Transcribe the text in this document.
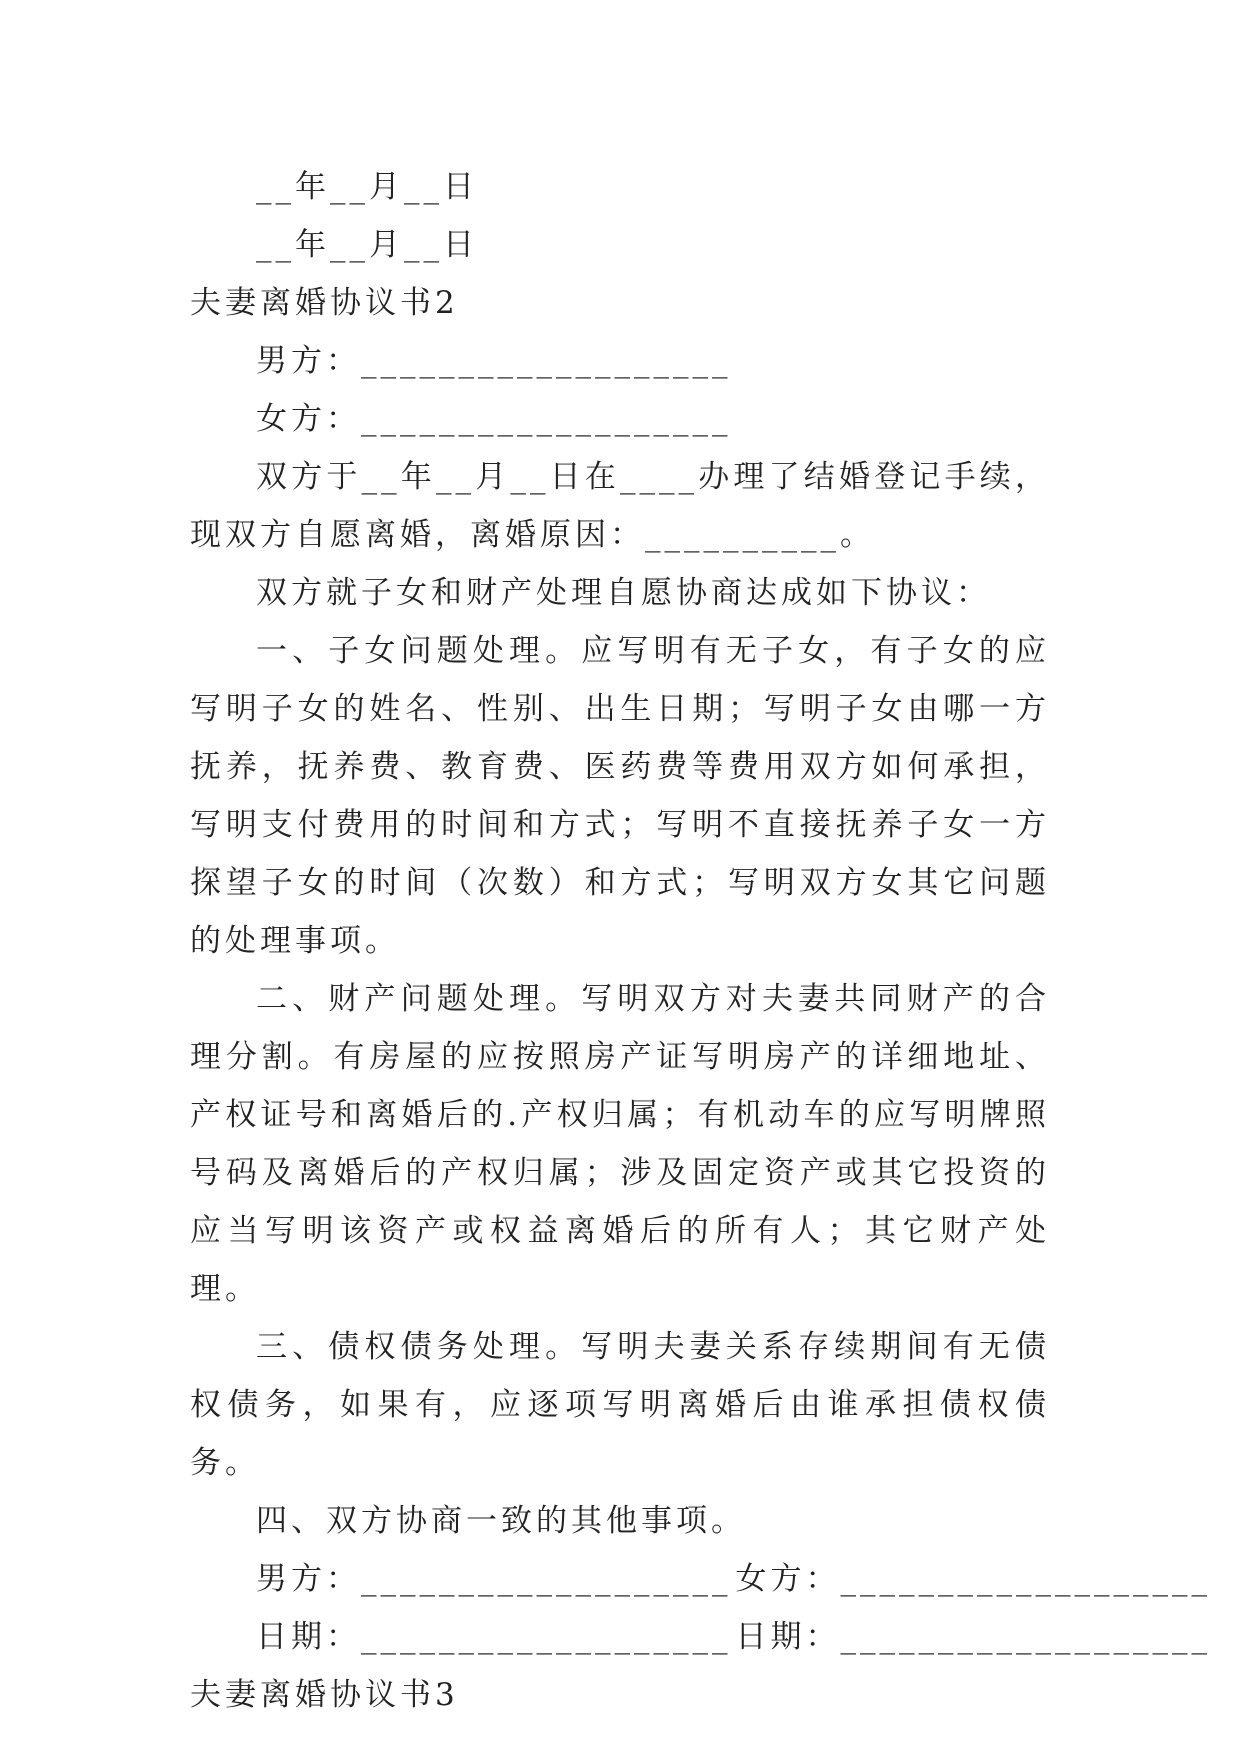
__年__月__日
__年__月__日
夫妻离婚协议书2
男方：___________________
女方：___________________
双方于__年__月__日在____办理了结婚登记手续，现双方自愿离婚，离婚原因：__________。
双方就子女和财产处理自愿协商达成如下协议：
一、子女问题处理。应写明有无子女，有子女的应写明子女的姓名、性别、出生日期；写明子女由哪一方抚养，抚养费、教育费、医药费等费用双方如何承担，写明支付费用的时间和方式；写明不直接抚养子女一方探望子女的时间（次数）和方式；写明双方女其它问题的处理事项。
二、财产问题处理。写明双方对夫妻共同财产的合理分割。有房屋的应按照房产证写明房产的详细地址、产权证号和离婚后的.产权归属；有机动车的应写明牌照号码及离婚后的产权归属；涉及固定资产或其它投资的应当写明该资产或权益离婚后的所有人；其它财产处理。
三、债权债务处理。写明夫妻关系存续期间有无债权债务，如果有，应逐项写明离婚后由谁承担债权债务。
四、双方协商一致的其他事项。
男方：___________________ 女方：___________________
日期：___________________ 日期：___________________
夫妻离婚协议书3
